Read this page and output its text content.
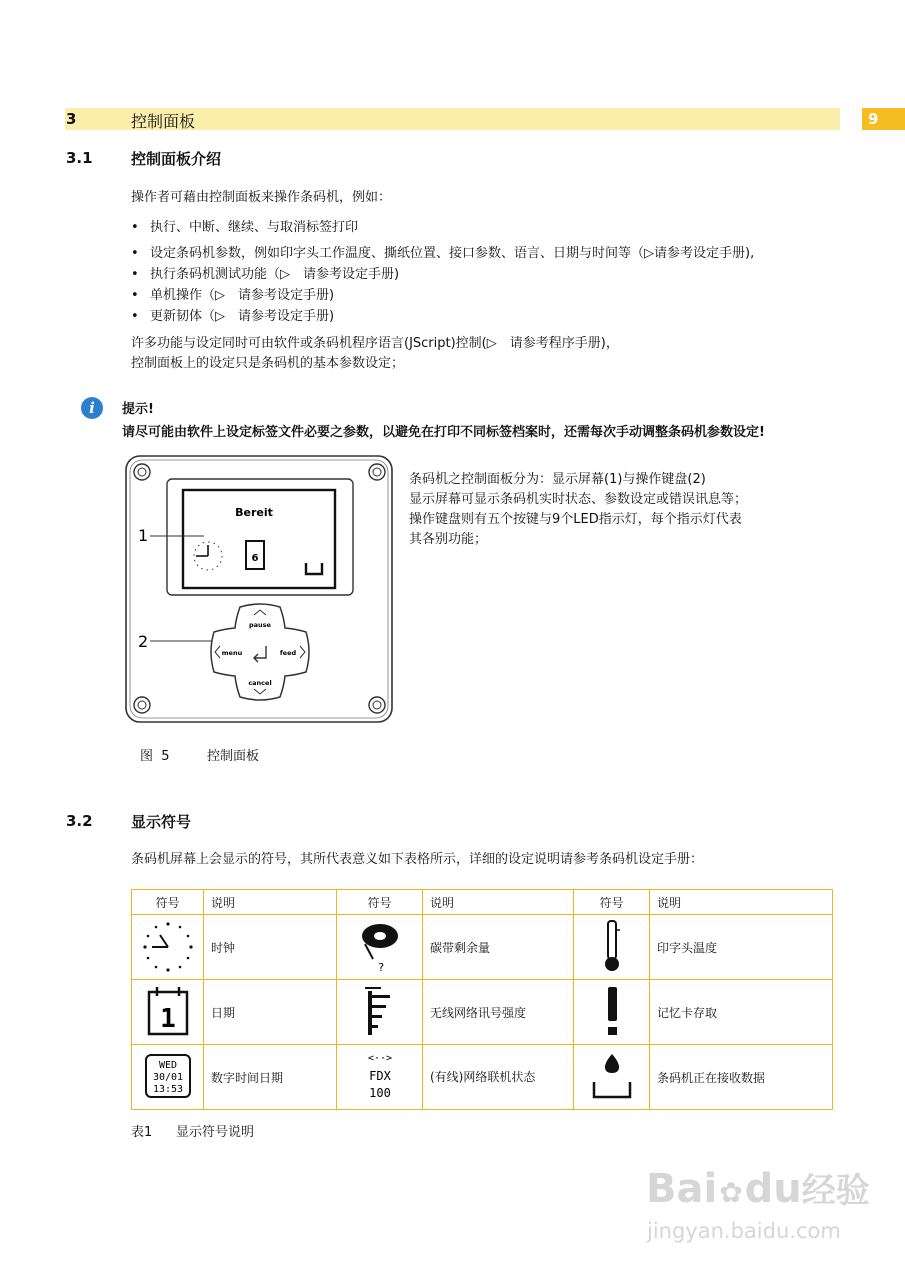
3	控制面板	9
3.1	控制面板介绍
操作者可藉由控制面板来操作条码机，例如：
• 执行、中断、继续、与取消标签打印
• 设定条码机参数，例如印字头工作温度、撕纸位置、接口参数、语言、日期与时间等（▷请参考设定手册),
• 执行条码机测试功能（▷　请参考设定手册)
• 单机操作（▷　请参考设定手册)
• 更新韧体（▷　请参考设定手册)
许多功能与设定同时可由软件或条码机程序语言(JScript)控制(▷　请参考程序手册)，
控制面板上的设定只是条码机的基本参数设定；
i	提示!
请尽可能由软件上设定标签文件必要之参数，以避免在打印不同标签档案时，还需每次手动调整条码机参数设定!
Bereit
6
1
2
pause
menu	feed
cancel
条码机之控制面板分为：显示屏幕(1)与操作键盘(2)
显示屏幕可显示条码机实时状态、参数设定或错误讯息等；
操作键盘则有五个按键与9个LED指示灯，每个指示灯代表
其各别功能；
图  5	控制面板
3.2	显示符号
条码机屏幕上会显示的符号，其所代表意义如下表格所示，详细的设定说明请参考条码机设定手册：
符号	说明	符号	说明	符号	说明
	时钟	?	碳带剩余量		印字头温度

1	日期		无线网络讯号强度		记忆卡存取

WED
30/01
13:53	数字时间日期	<··>
FDX
100	(有线)网络联机状态		条码机正在接收数据
表1 显示符号说明
Bai✿du经验
jingyan.baidu.com
